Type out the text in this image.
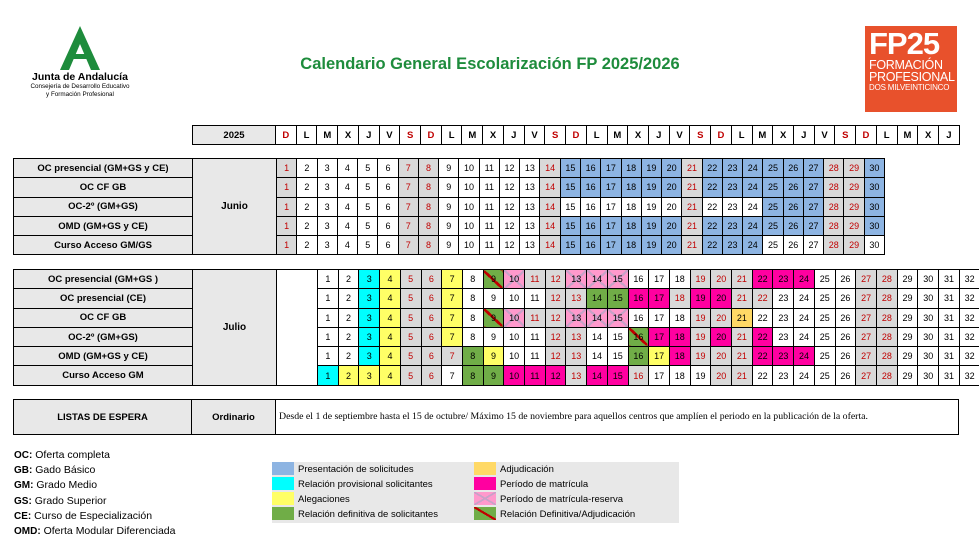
Junta de Andalucía
Consejería de Desarrollo Educativo
y Formación Profesional
Calendario General Escolarización FP 2025/2026
FP25
FORMACIÓN
PROFESIONAL
DOS MILVEINTICINCO
2025	D	L	M	X	J	V	S	D	L	M	X	J	V	S	D	L	M	X	J	V	S	D	L	M	X	J	V	S	D	L	M	X	J
OC presencial (GM+GS y CE)	Junio	1	2	3	4	5	6	7	8	9	10	11	12	13	14	15	16	17	18	19	20	21	22	23	24	25	26	27	28	29	30
OC CF GB		1	2	3	4	5	6	7	8	9	10	11	12	13	14	15	16	17	18	19	20	21	22	23	24	25	26	27	28	29	30
OC-2º (GM+GS)		1	2	3	4	5	6	7	8	9	10	11	12	13	14	15	16	17	18	19	20	21	22	23	24	25	26	27	28	29	30
OMD (GM+GS y CE)		1	2	3	4	5	6	7	8	9	10	11	12	13	14	15	16	17	18	19	20	21	22	23	24	25	26	27	28	29	30
Curso Acceso GM/GS		1	2	3	4	5	6	7	8	9	10	11	12	13	14	15	16	17	18	19	20	21	22	23	24	25	26	27	28	29	30
OC presencial (GM+GS )	Julio		1	2	3	4	5	6	7	8	9	10	11	12	13	14	15	16	17	18	19	20	21	22	23	24	25	26	27	28	29	30	31	32
OC presencial (CE)			1	2	3	4	5	6	7	8	9	10	11	12	13	14	15	16	17	18	19	20	21	22	23	24	25	26	27	28	29	30	31	32
OC CF GB			1	2	3	4	5	6	7	8	9	10	11	12	13	14	15	16	17	18	19	20	21	22	23	24	25	26	27	28	29	30	31	32
OC-2º (GM+GS)			1	2	3	4	5	6	7	8	9	10	11	12	13	14	15	16	17	18	19	20	21	22	23	24	25	26	27	28	29	30	31	32
OMD (GM+GS y CE)			1	2	3	4	5	6	7	8	9	10	11	12	13	14	15	16	17	18	19	20	21	22	23	24	25	26	27	28	29	30	31	32
Curso Acceso GM			1	2	3	4	5	6	7	8	9	10	11	12	13	14	15	16	17	18	19	20	21	22	23	24	25	26	27	28	29	30	31	32
LISTAS DE ESPERA	Ordinario	Desde el 1 de septiembre hasta el 15 de octubre/ Máximo 15 de noviembre para aquellos centros que amplíen el periodo en la publicación de la oferta.
OC: Oferta completa
GB: Gado Básico
GM: Grado Medio
GS: Grado Superior
CE: Curso de Especialización
OMD: Oferta Modular Diferenciada
Presentación de solicitudes
Relación provisional solicitantes
Alegaciones
Relación definitiva de solicitantes
Adjudicación
Período de matrícula
Período de matrícula-reserva
Relación Definitiva/Adjudicación
